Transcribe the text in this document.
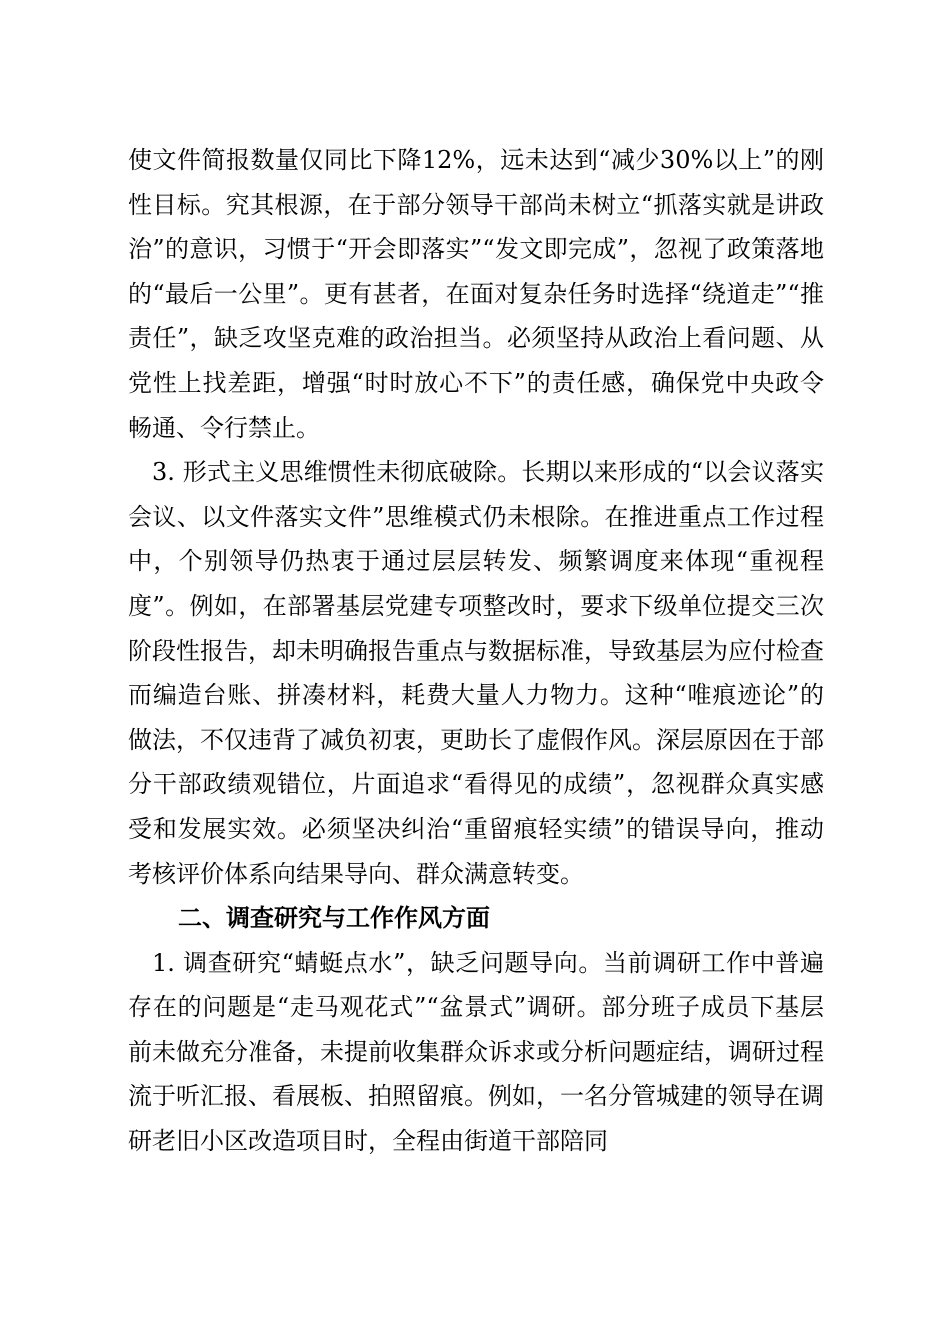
使文件简报数量仅同比下降12%，远未达到“减少30%以上”的刚性目标。究其根源，在于部分领导干部尚未树立“抓落实就是讲政治”的意识，习惯于“开会即落实”“发文即完成”，忽视了政策落地的“最后一公里”。更有甚者，在面对复杂任务时选择“绕道走”“推责任”，缺乏攻坚克难的政治担当。必须坚持从政治上看问题、从党性上找差距，增强“时时放心不下”的责任感，确保党中央政令畅通、令行禁止。

3. 形式主义思维惯性未彻底破除。长期以来形成的“以会议落实会议、以文件落实文件”思维模式仍未根除。在推进重点工作过程中，个别领导仍热衷于通过层层转发、频繁调度来体现“重视程度”。例如，在部署基层党建专项整改时，要求下级单位提交三次阶段性报告，却未明确报告重点与数据标准，导致基层为应付检查而编造台账、拼凑材料，耗费大量人力物力。这种“唯痕迹论”的做法，不仅违背了减负初衷，更助长了虚假作风。深层原因在于部分干部政绩观错位，片面追求“看得见的成绩”，忽视群众真实感受和发展实效。必须坚决纠治“重留痕轻实绩”的错误导向，推动考核评价体系向结果导向、群众满意转变。

二、调查研究与工作作风方面

1. 调查研究“蜻蜓点水”，缺乏问题导向。当前调研工作中普遍存在的问题是“走马观花式”“盆景式”调研。部分班子成员下基层前未做充分准备，未提前收集群众诉求或分析问题症结，调研过程流于听汇报、看展板、拍照留痕。例如，一名分管城建的领导在调研老旧小区改造项目时，全程由街道干部陪同
